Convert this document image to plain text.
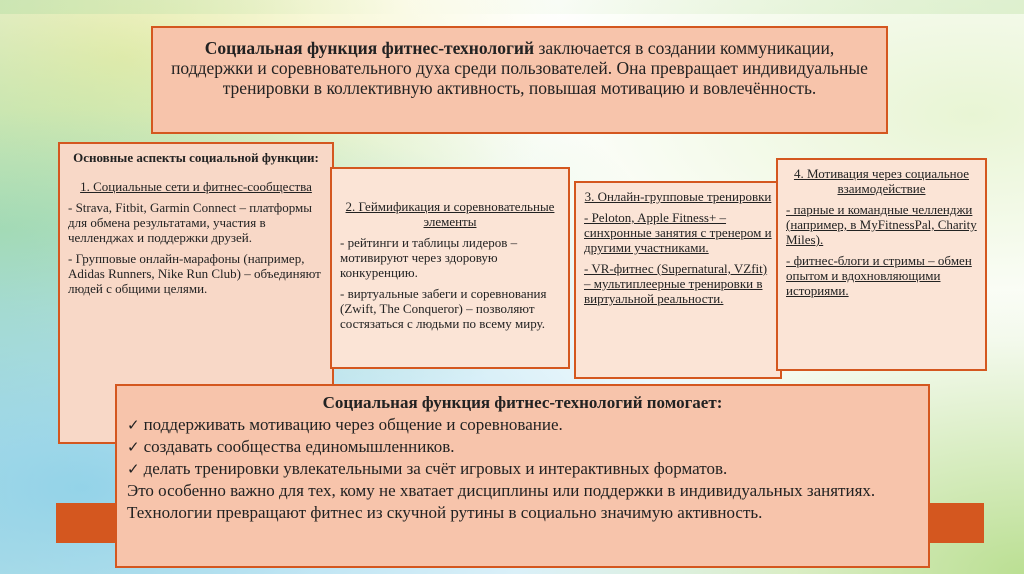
Социальная функция фитнес-технологий заключается в создании коммуникации, поддержки и соревновательного духа среди пользователей. Она превращает индивидуальные тренировки в коллективную активность, повышая мотивацию и вовлечённость.
Основные аспекты социальной функции:
1. Социальные сети и фитнес-сообщества
- Strava, Fitbit, Garmin Connect – платформы для обмена результатами, участия в челленджах и поддержки друзей.
- Групповые онлайн-марафоны (например, Adidas Runners, Nike Run Club) – объединяют людей с общими целями.
2. Геймификация и соревновательные элементы
- рейтинги и таблицы лидеров – мотивируют через здоровую конкуренцию.
- виртуальные забеги и соревнования (Zwift, The Conqueror) – позволяют состязаться с людьми по всему миру.
3. Онлайн-групповые тренировки
- Peloton, Apple Fitness+ – синхронные занятия с тренером и другими участниками.
- VR-фитнес (Supernatural, VZfit) – мультиплеерные тренировки в виртуальной реальности.
4. Мотивация через социальное взаимодействие
- парные и командные челленджи (например, в MyFitnessPal, Charity Miles).
- фитнес-блоги и стримы – обмен опытом и вдохновляющими историями.
Социальная функция фитнес-технологий помогает:
✓ поддерживать мотивацию через общение и соревнование.
✓ создавать сообщества единомышленников.
✓ делать тренировки увлекательными за счёт игровых и интерактивных форматов.
Это особенно важно для тех, кому не хватает дисциплины или поддержки в индивидуальных занятиях. Технологии превращают фитнес из скучной рутины в социально значимую активность.
